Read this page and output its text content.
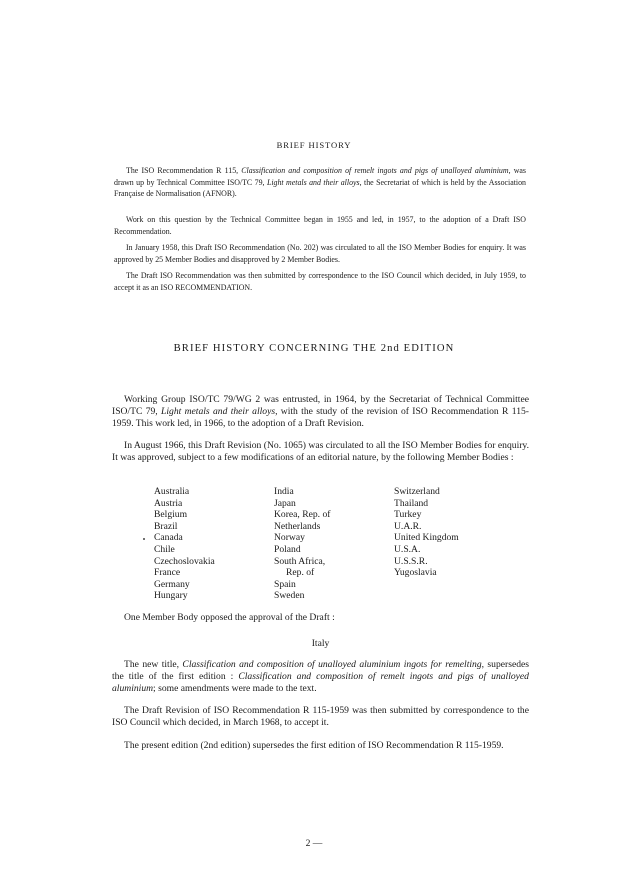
BRIEF HISTORY

The ISO Recommendation R 115, Classification and composition of remelt ingots and pigs of unalloyed aluminium, was drawn up by Technical Committee ISO/TC 79, Light metals and their alloys, the Secretariat of which is held by the Association Française de Normalisation (AFNOR).

Work on this question by the Technical Committee began in 1955 and led, in 1957, to the adoption of a Draft ISO Recommendation.

In January 1958, this Draft ISO Recommendation (No. 202) was circulated to all the ISO Member Bodies for enquiry. It was approved by 25 Member Bodies and disapproved by 2 Member Bodies.

The Draft ISO Recommendation was then submitted by correspondence to the ISO Council which decided, in July 1959, to accept it as an ISO RECOMMENDATION.

BRIEF HISTORY CONCERNING THE 2nd EDITION

Working Group ISO/TC 79/WG 2 was entrusted, in 1964, by the Secretariat of Technical Committee ISO/TC 79, Light metals and their alloys, with the study of the revision of ISO Recommendation R 115-1959. This work led, in 1966, to the adoption of a Draft Revision.

In August 1966, this Draft Revision (No. 1065) was circulated to all the ISO Member Bodies for enquiry. It was approved, subject to a few modifications of an editorial nature, by the following Member Bodies :

Australia
Austria
Belgium
Brazil
Canada
Chile
Czechoslovakia
France
Germany
Hungary
India
Japan
Korea, Rep. of
Netherlands
Norway
Poland
South Africa,
Rep. of
Spain
Sweden
Switzerland
Thailand
Turkey
U.A.R.
United Kingdom
U.S.A.
U.S.S.R.
Yugoslavia

One Member Body opposed the approval of the Draft :

Italy

The new title, Classification and composition of unalloyed aluminium ingots for remelting, supersedes the title of the first edition : Classification and composition of remelt ingots and pigs of unalloyed aluminium; some amendments were made to the text.

The Draft Revision of ISO Recommendation R 115-1959 was then submitted by correspondence to the ISO Council which decided, in March 1968, to accept it.

The present edition (2nd edition) supersedes the first edition of ISO Recommendation R 115-1959.

2 —
